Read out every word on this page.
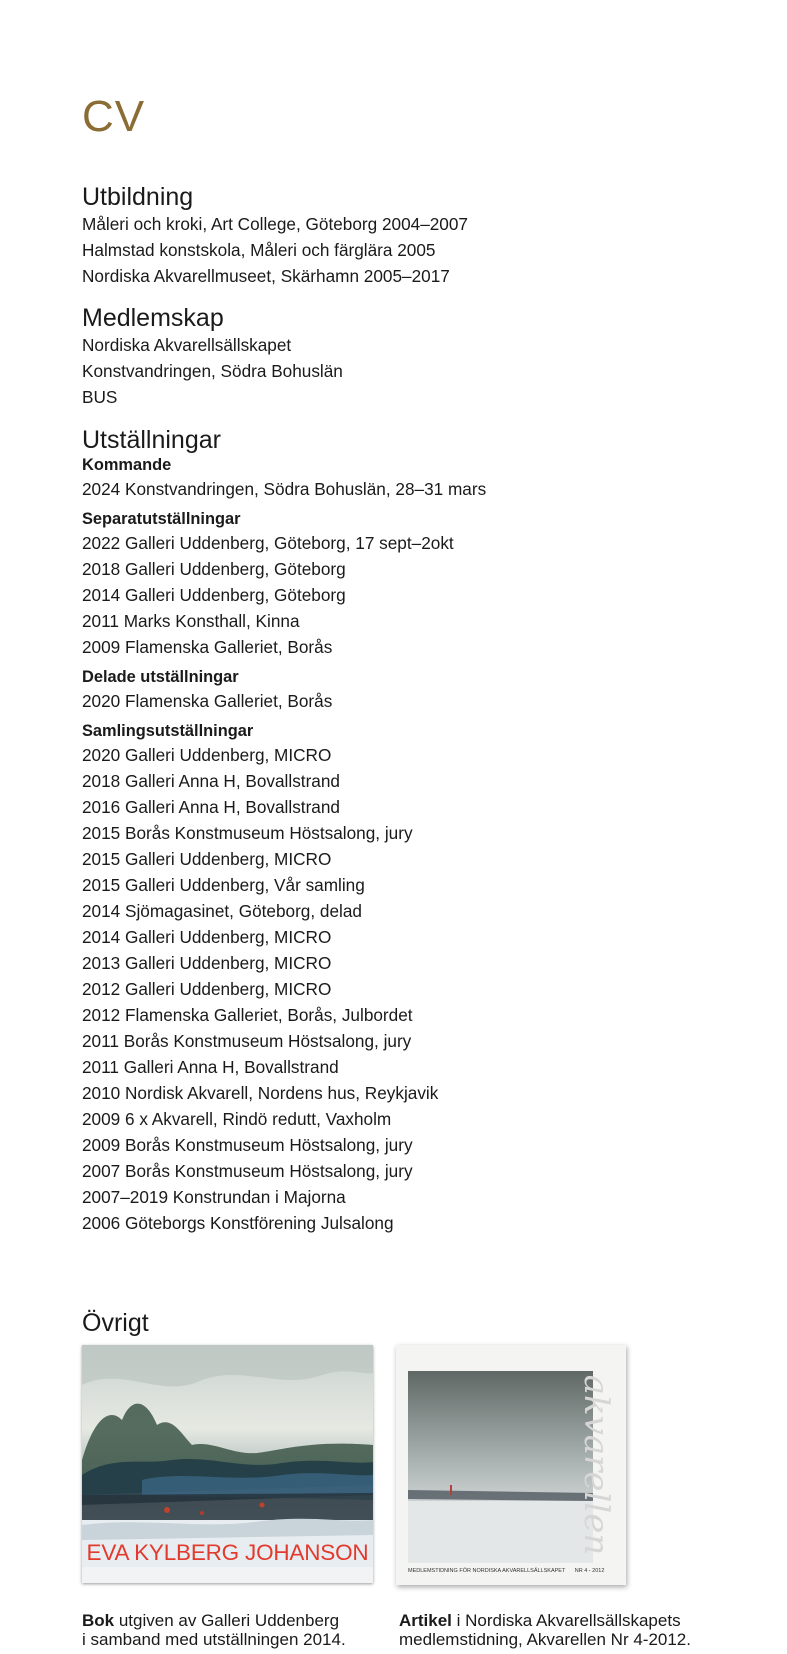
CV
Utbildning

Måleri och kroki, Art College, Göteborg 2004–2007

Halmstad konstskola, Måleri och färglära 2005

Nordiska Akvarellmuseet, Skärhamn 2005–2017

Medlemskap

Nordiska Akvarellsällskapet

Konstvandringen, Södra Bohuslän

BUS

Utställningar

Kommande

2024 Konstvandringen, Södra Bohuslän, 28–31 mars

Separatutställningar

2022 Galleri Uddenberg, Göteborg, 17 sept–2okt

2018 Galleri Uddenberg, Göteborg

2014 Galleri Uddenberg, Göteborg

2011 Marks Konsthall, Kinna

2009 Flamenska Galleriet, Borås

Delade utställningar

2020 Flamenska Galleriet, Borås

Samlingsutställningar

2020 Galleri Uddenberg, MICRO

2018 Galleri Anna H, Bovallstrand

2016 Galleri Anna H, Bovallstrand

2015 Borås Konstmuseum Höstsalong, jury

2015 Galleri Uddenberg, MICRO

2015 Galleri Uddenberg, Vår samling

2014 Sjömagasinet, Göteborg, delad

2014 Galleri Uddenberg, MICRO

2013 Galleri Uddenberg, MICRO

2012 Galleri Uddenberg, MICRO

2012 Flamenska Galleriet, Borås, Julbordet

2011 Borås Konstmuseum Höstsalong, jury

2011 Galleri Anna H, Bovallstrand

2010 Nordisk Akvarell, Nordens hus, Reykjavik

2009 6 x Akvarell, Rindö redutt, Vaxholm

2009 Borås Konstmuseum Höstsalong, jury

2007 Borås Konstmuseum Höstsalong, jury

2007–2019 Konstrundan i Majorna

2006 Göteborgs Konstförening Julsalong

Övrigt
EVA KYLBERG JOHANSON	akvarellen
MEDLEMSTIDNING FÖR NORDISKA AKVARELLSÄLLSKAPET NR 4 - 2012
Bok utgiven av Galleri Uddenberg
i samband med utställningen 2014.
Artikel i Nordiska Akvarellsällskapets
medlemstidning, Akvarellen Nr 4-2012.
